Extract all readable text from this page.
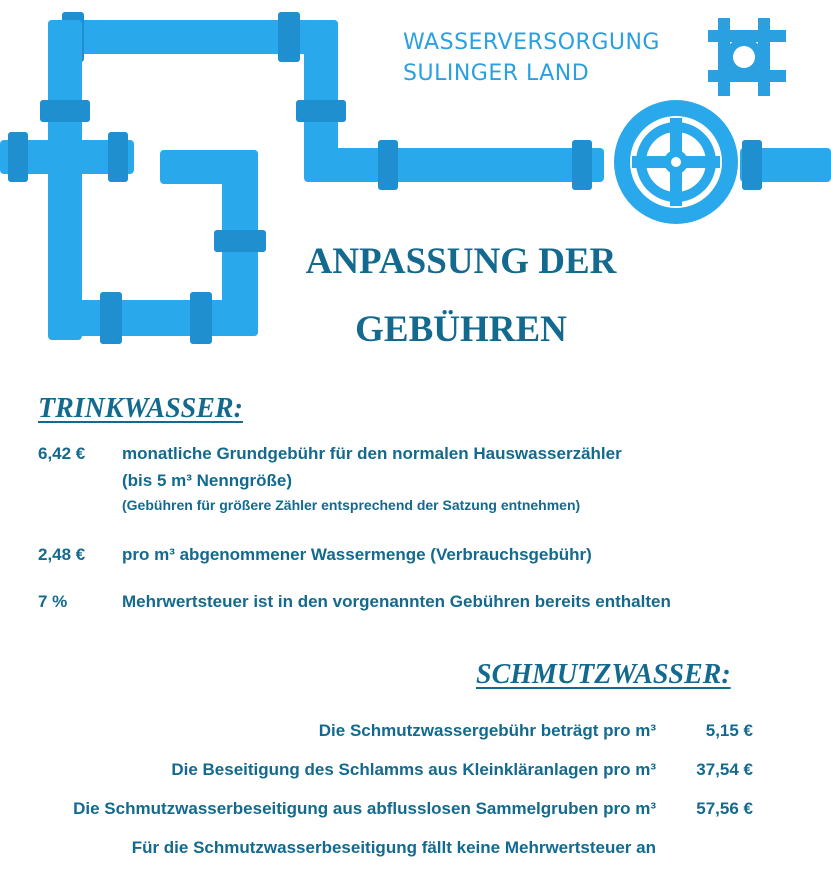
WASSERVERSORGUNG
SULINGER LAND
ANPASSUNG DER
GEBÜHREN
TRINKWASSER:
6,42 € monatliche Grundgebühr für den normalen Hauswasserzähler
(bis 5 m³ Nenngröße)
(Gebühren für größere Zähler entsprechend der Satzung entnehmen)
2,48 € pro m³ abgenommener Wassermenge (Verbrauchsgebühr)
7 %	Mehrwertsteuer ist in den vorgenannten Gebühren bereits enthalten
SCHMUTZWASSER:
Die Schmutzwassergebühr beträgt pro m³	5,15 €
Die Beseitigung des Schlamms aus Kleinkläranlagen pro m³ 37,54 €
Die Schmutzwasserbeseitigung aus abflusslosen Sammelgruben pro m³ 57,56 €
Für die Schmutzwasserbeseitigung fällt keine Mehrwertsteuer an
